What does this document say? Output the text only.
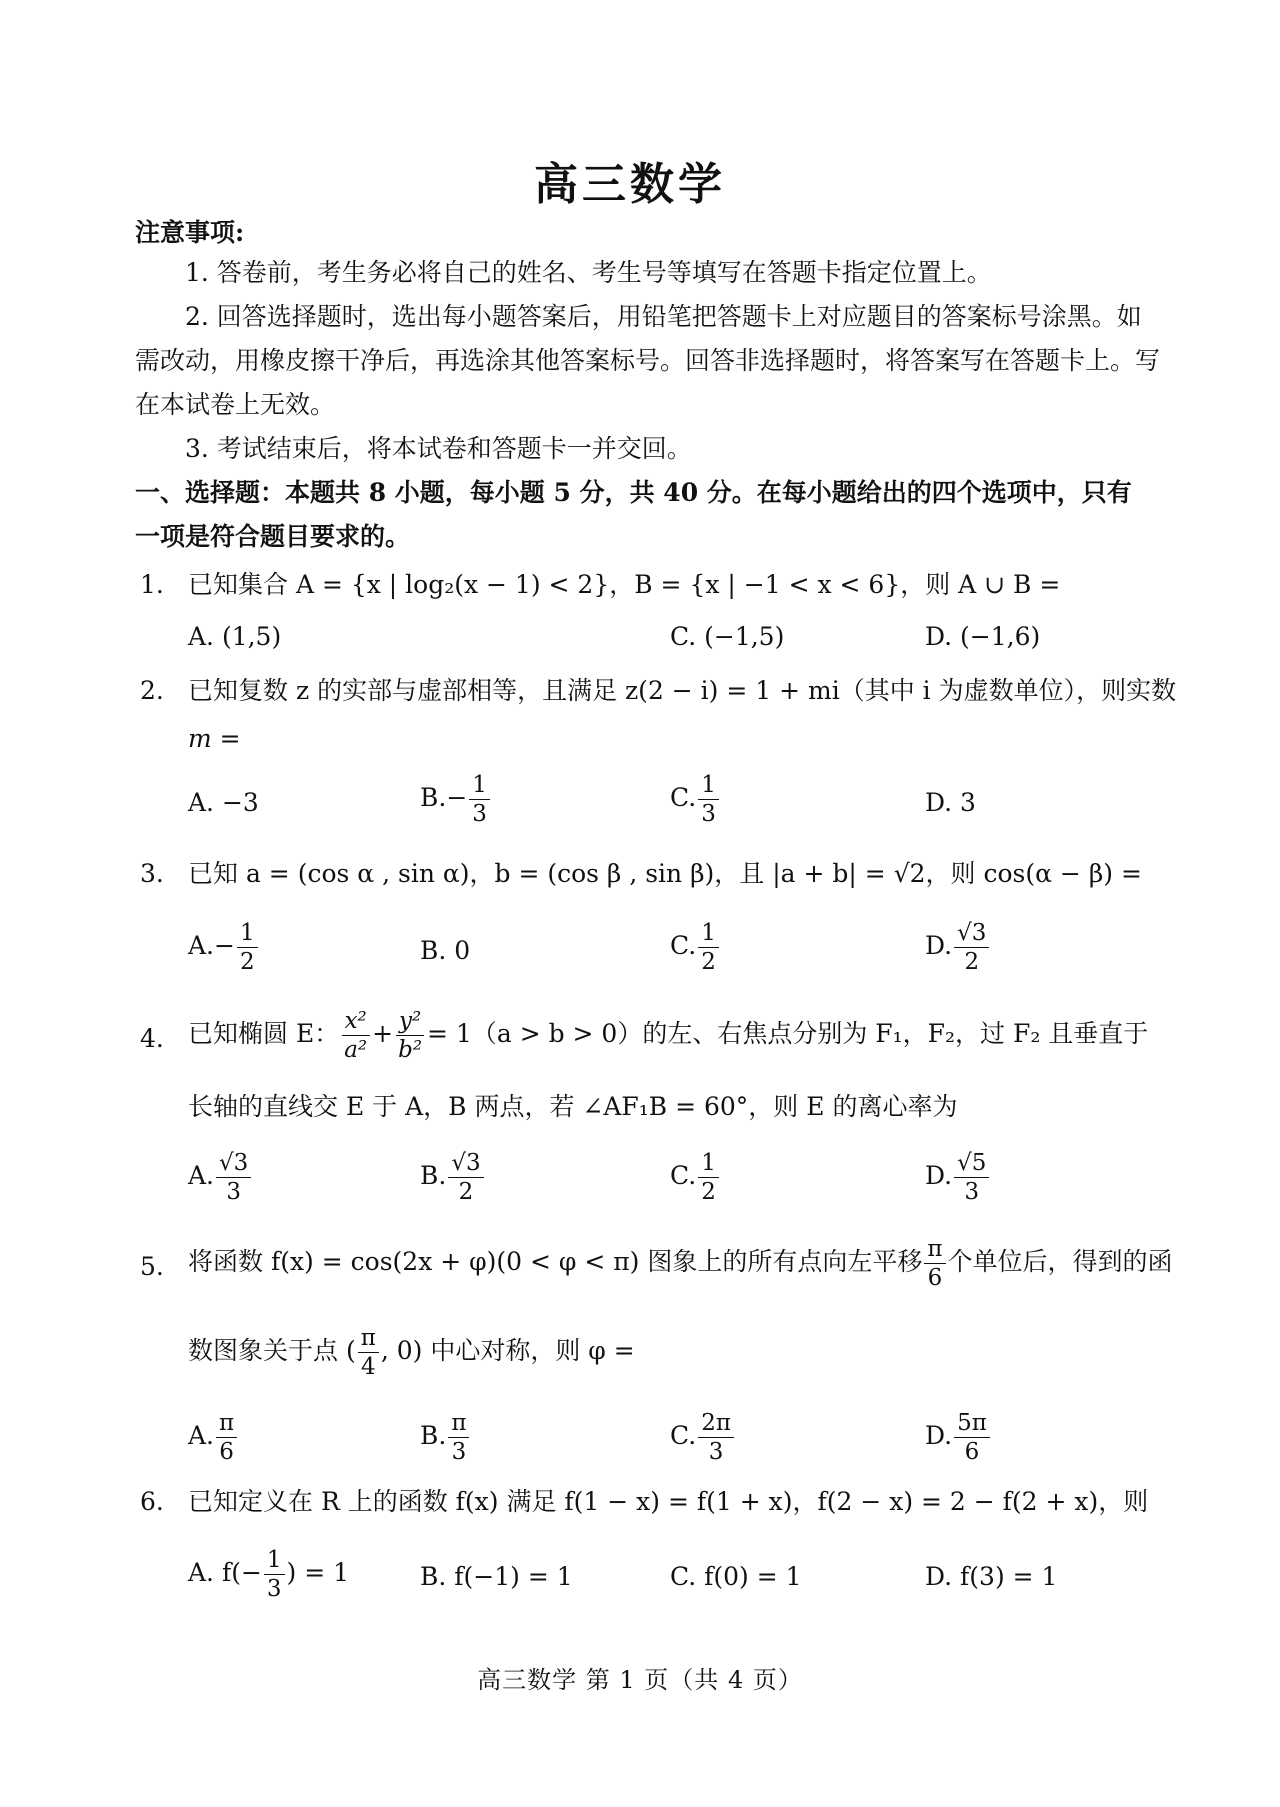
高三数学
注意事项:
1. 答卷前，考生务必将自己的姓名、考生号等填写在答题卡指定位置上。
2. 回答选择题时，选出每小题答案后，用铅笔把答题卡上对应题目的答案标号涂黑。如
需改动，用橡皮擦干净后，再选涂其他答案标号。回答非选择题时，将答案写在答题卡上。写
在本试卷上无效。
3. 考试结束后，将本试卷和答题卡一并交回。
一、选择题：本题共 8 小题，每小题 5 分，共 40 分。在每小题给出的四个选项中，只有
一项是符合题目要求的。
1. 已知集合 A = {x | log₂(x − 1) < 2}，B = {x | −1 < x < 6}，则 A ∪ B =
A. (1,5)	C. (−1,5)	D. (−1,6)
2. 已知复数 z 的实部与虚部相等，且满足 z(2 − i) = 1 + mi（其中 i 为虚数单位），则实数
m =
A. −3	$B.- \frac{1}{3}$	C. $\frac{1}{3}$	D. 3
3. 已知 a = (cos α , sin α)，b = (cos β , sin β)，且 |a + b| = √2，则 cos(α − β) =
$A.- \frac{1}{2}$	B. 0	C. $\frac{1}{2}$	D. $\frac{√3}{2}$
4. 已知椭圆 E： $\frac{\text{x²}}{\text{a²}} + \frac{\text{y²}}{\text{b²}} = 1(a > b > 0)$的左、右焦点分别为 F₁，F₂，过 F₂ 且垂直于
长轴的直线交 E 于 A，B 两点，若 ∠AF₁B = 60°，则 E 的离心率为
A. $\frac{√3}{3}$	B. $\frac{√3}{2}$	C. $\frac{1}{2}$	D. $\frac{√5}{3}$
5. 将函数 f(x) = cos(2x + φ)(0 < φ < π) 图象上的所有点向左平移 $\frac{\pi}{6}$ 个单位后，得到的函
数图象关于点 ( $\frac{\pi}{4}$ , 0) 中心对称，则 φ =
A. $\frac{\pi}{6}$	B. $\frac{\pi}{3}$	C. $\frac{2\pi}{3}$	D. $\frac{5\pi}{6}$
6. 已知定义在 R 上的函数 f(x) 满足 f(1 − x) = f(1 + x)，f(2 − x) = 2 − f(2 + x)，则
A. $f(- \frac{1}{3}$ ) = 1	B. f(−1) = 1	C. f(0) = 1	D. f(3) = 1
高三数学 第 1 页（共 4 页）
